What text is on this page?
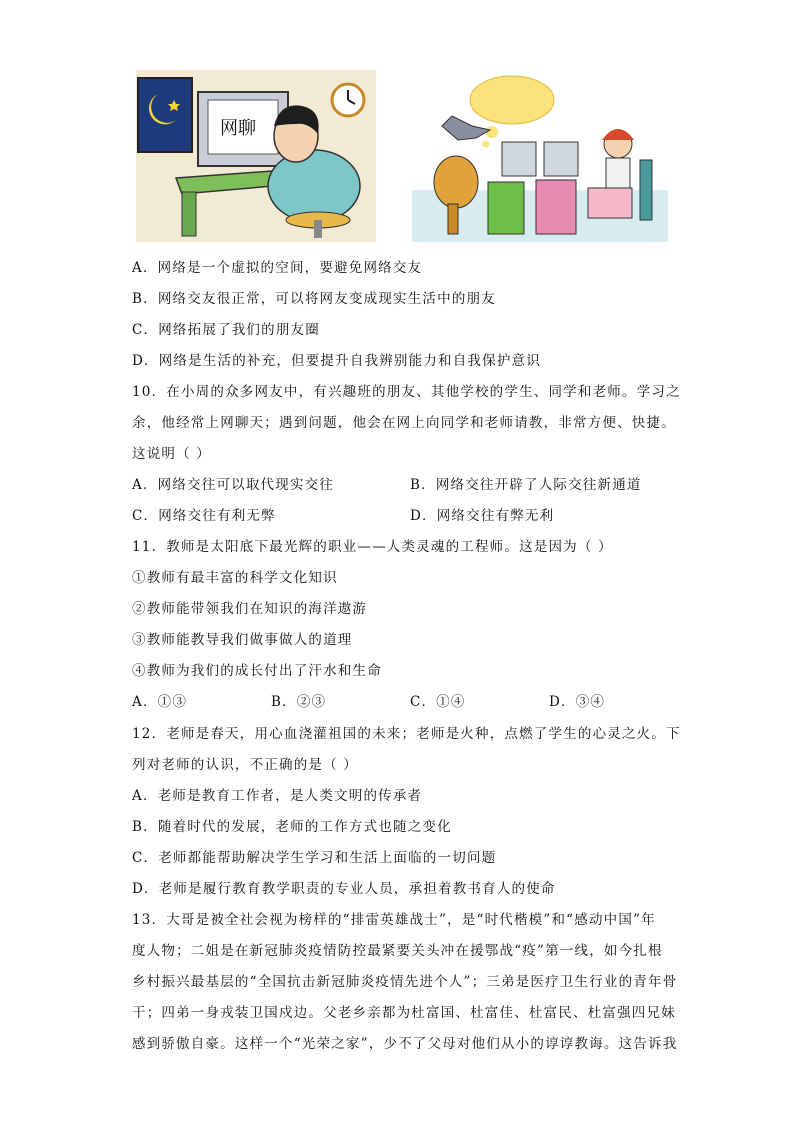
网聊
A．网络是一个虚拟的空间，要避免网络交友
B．网络交友很正常，可以将网友变成现实生活中的朋友
C．网络拓展了我们的朋友圈
D．网络是生活的补充，但要提升自我辨别能力和自我保护意识
10．在小周的众多网友中，有兴趣班的朋友、其他学校的学生、同学和老师。学习之
余，他经常上网聊天；遇到问题，他会在网上向同学和老师请教，非常方便、快捷。
这说明（ ）
A．网络交往可以取代现实交往	B．网络交往开辟了人际交往新通道
C．网络交往有利无弊	D．网络交往有弊无利
11．教师是太阳底下最光辉的职业——人类灵魂的工程师。这是因为（ ）
①教师有最丰富的科学文化知识
②教师能带领我们在知识的海洋遨游
③教师能教导我们做事做人的道理
④教师为我们的成长付出了汗水和生命
A．①③	B．②③	C．①④	D．③④
12．老师是春天，用心血浇灌祖国的未来；老师是火种，点燃了学生的心灵之火。下
列对老师的认识，不正确的是（ ）
A．老师是教育工作者，是人类文明的传承者
B．随着时代的发展，老师的工作方式也随之变化
C．老师都能帮助解决学生学习和生活上面临的一切问题
D．老师是履行教育教学职责的专业人员，承担着教书育人的使命
13．大哥是被全社会视为榜样的“排雷英雄战士”，是“时代楷模”和“感动中国”年
度人物；二姐是在新冠肺炎疫情防控最紧要关头冲在援鄂战“疫”第一线，如今扎根
乡村振兴最基层的“全国抗击新冠肺炎疫情先进个人”；三弟是医疗卫生行业的青年骨
干；四弟一身戎装卫国戍边。父老乡亲都为杜富国、杜富佳、杜富民、杜富强四兄妹
感到骄傲自豪。这样一个“光荣之家”，少不了父母对他们从小的谆谆教诲。这告诉我
